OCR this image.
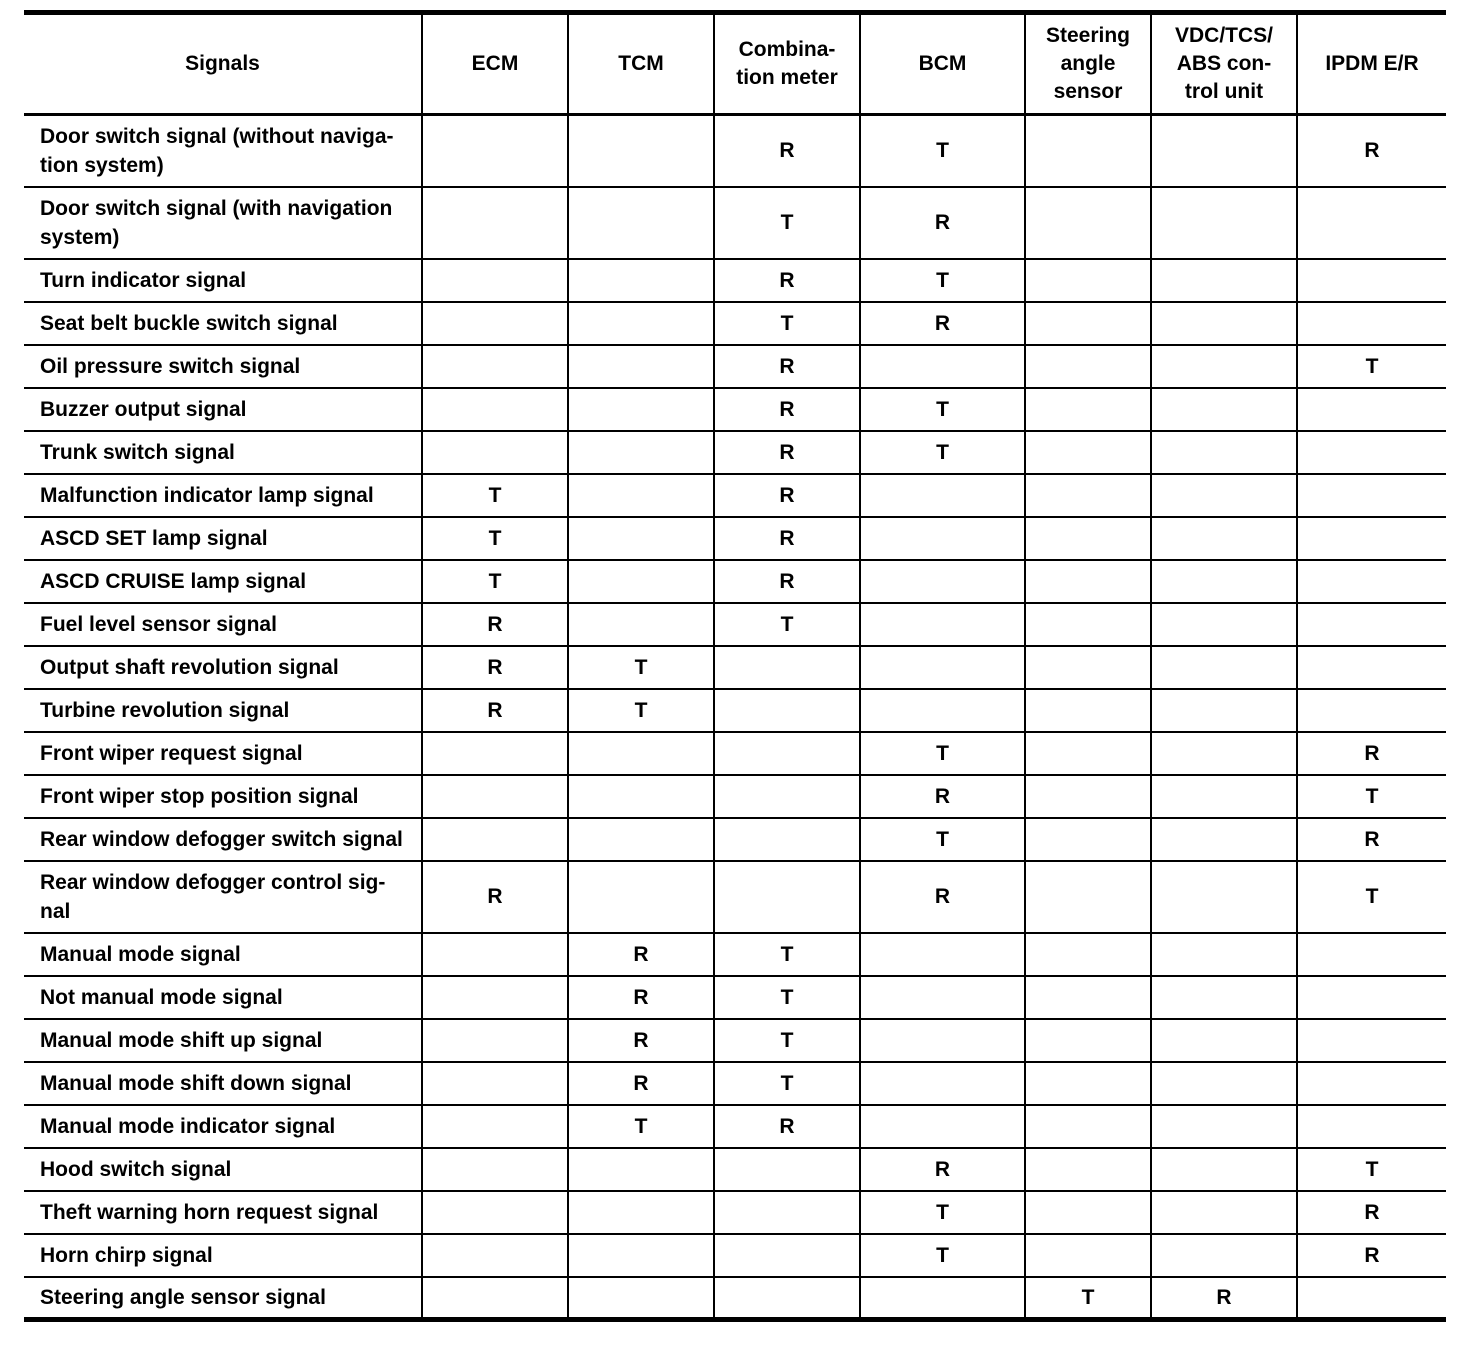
Signals	ECM	TCM	Combina-
tion meter	BCM	Steering
angle
sensor	VDC/TCS/
ABS con-
trol unit	IPDM E/R
Door switch signal (without naviga-
tion system)			R	T			R
Door switch signal (with navigation
system)			T	R			
Turn indicator signal			R	T			
Seat belt buckle switch signal			T	R			
Oil pressure switch signal			R				T
Buzzer output signal			R	T			
Trunk switch signal			R	T			
Malfunction indicator lamp signal	T		R				
ASCD SET lamp signal	T		R				
ASCD CRUISE lamp signal	T		R				
Fuel level sensor signal	R		T				
Output shaft revolution signal	R	T					
Turbine revolution signal	R	T					
Front wiper request signal				T			R
Front wiper stop position signal				R			T
Rear window defogger switch signal				T			R
Rear window defogger control sig-
nal	R			R			T
Manual mode signal		R	T				
Not manual mode signal		R	T				
Manual mode shift up signal		R	T				
Manual mode shift down signal		R	T				
Manual mode indicator signal		T	R				
Hood switch signal				R			T
Theft warning horn request signal				T			R
Horn chirp signal				T			R
Steering angle sensor signal					T	R	
